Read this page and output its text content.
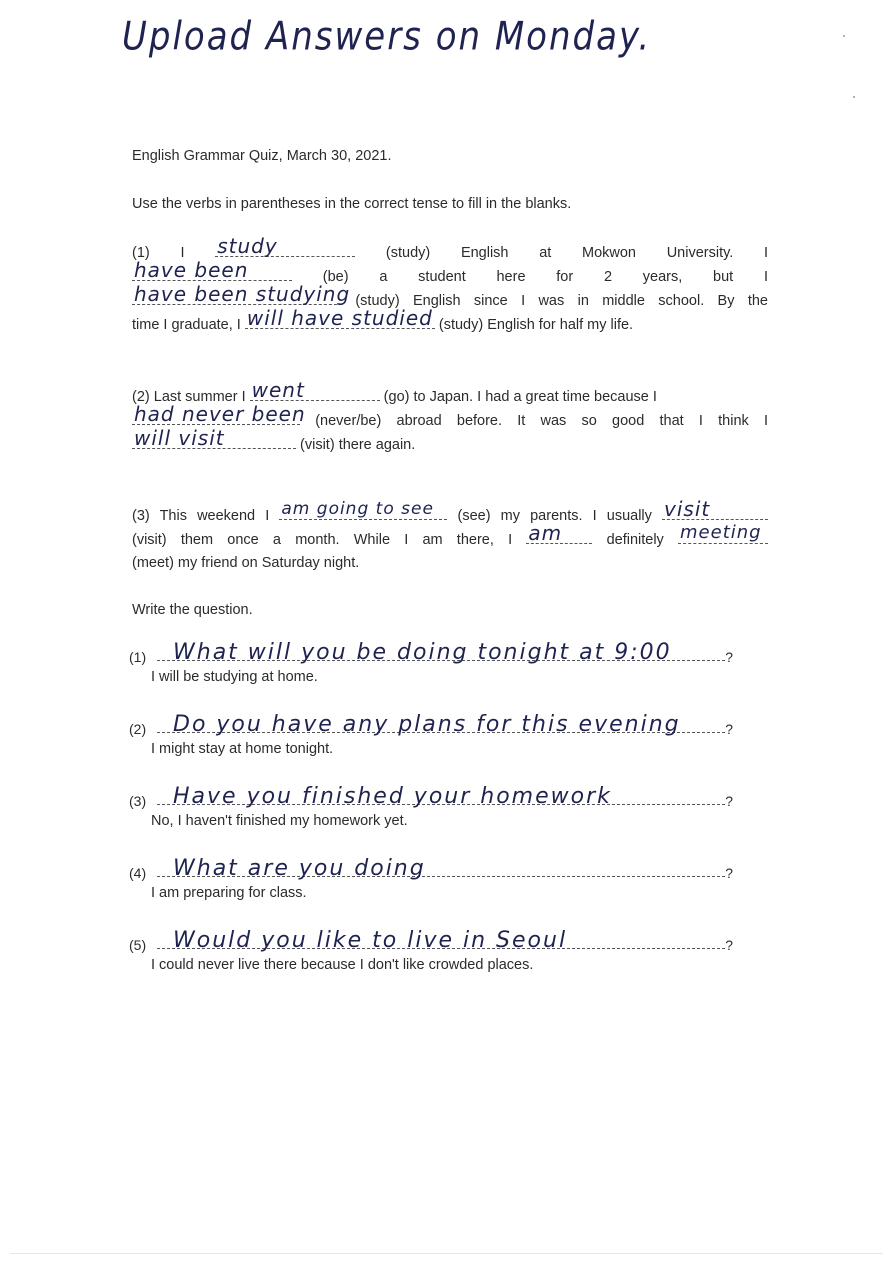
Upload Answers on Monday.

English Grammar Quiz, March 30, 2021.

Use the verbs in parentheses in the correct tense to fill in the blanks.

(1) I study	(study) English at Mokwon University. I
have been	(be) a student here for 2 years, but I
have been studying (study) English since I was in middle school. By the
time I graduate, I will have studied (study) English for half my life.
(2) Last summer I went	(go) to Japan. I had a great time because I
had never been (never/be) abroad before. It was so good that I think I
will visit	(visit) there again.
(3) This weekend I am going to see (see) my parents. I usually visit
(visit) them once a month. While I am there, I am	definitely meeting
(meet) my friend on Saturday night.

Write the question.

(1) What will you be doing tonight at 9:00	?
I will be studying at home.
(2) Do you have any plans for this evening	?
I might stay at home tonight.
(3) Have you finished your homework	?
No, I haven't finished my homework yet.
(4) What are you doing	?
I am preparing for class.
(5) Would you like to live in Seoul	?
I could never live there because I don't like crowded places.
